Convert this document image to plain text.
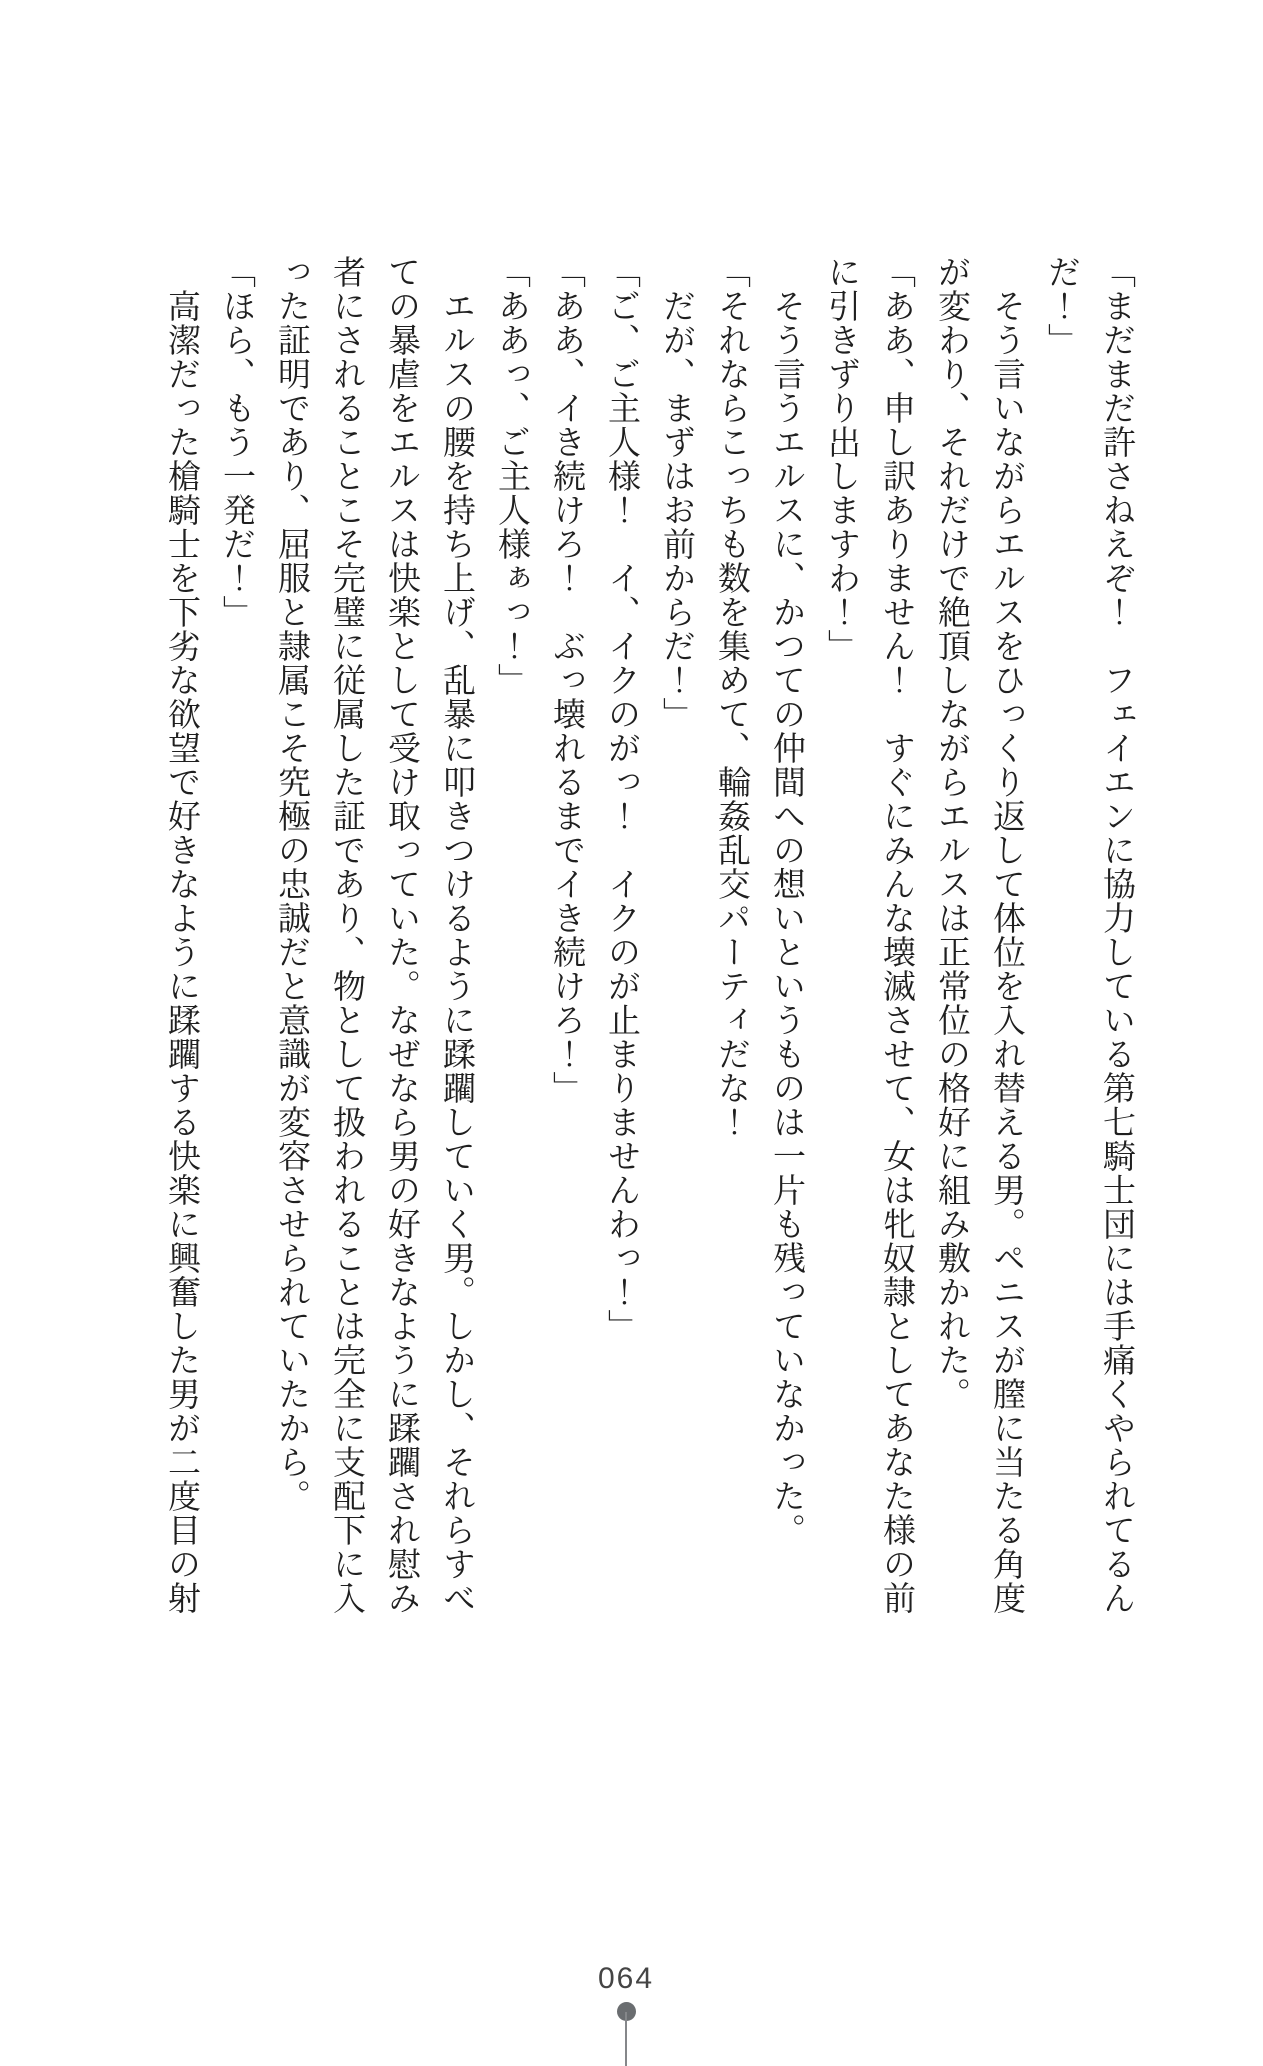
「まだまだ許さねえぞ！　フェイエンに協力している第七騎士団には手痛くやられてるん
だ！」
　そう言いながらエルスをひっくり返して体位を入れ替える男。ペニスが膣に当たる角度
が変わり、それだけで絶頂しながらエルスは正常位の格好に組み敷かれた。
「ああ、申し訳ありません！　すぐにみんな壊滅させて、女は牝奴隷としてあなた様の前
に引きずり出しますわ！」
　そう言うエルスに、かつての仲間への想いというものは一片も残っていなかった。
「それならこっちも数を集めて、輪姦乱交パーティだな！
　だが、まずはお前からだ！」
「ご、ご主人様！　イ、イクのがっ！　イクのが止まりませんわっ！」
「ああ、イき続けろ！　ぶっ壊れるまでイき続けろ！」
「ああっ、ご主人様ぁっ！」
　エルスの腰を持ち上げ、乱暴に叩きつけるように蹂躙していく男。しかし、それらすべ
ての暴虐をエルスは快楽として受け取っていた。なぜなら男の好きなように蹂躙され慰み
者にされることこそ完璧に従属した証であり、物として扱われることは完全に支配下に入
った証明であり、屈服と隷属こそ究極の忠誠だと意識が変容させられていたから。
「ほら、もう一発だ！」
　高潔だった槍騎士を下劣な欲望で好きなように蹂躙する快楽に興奮した男が二度目の射
064
